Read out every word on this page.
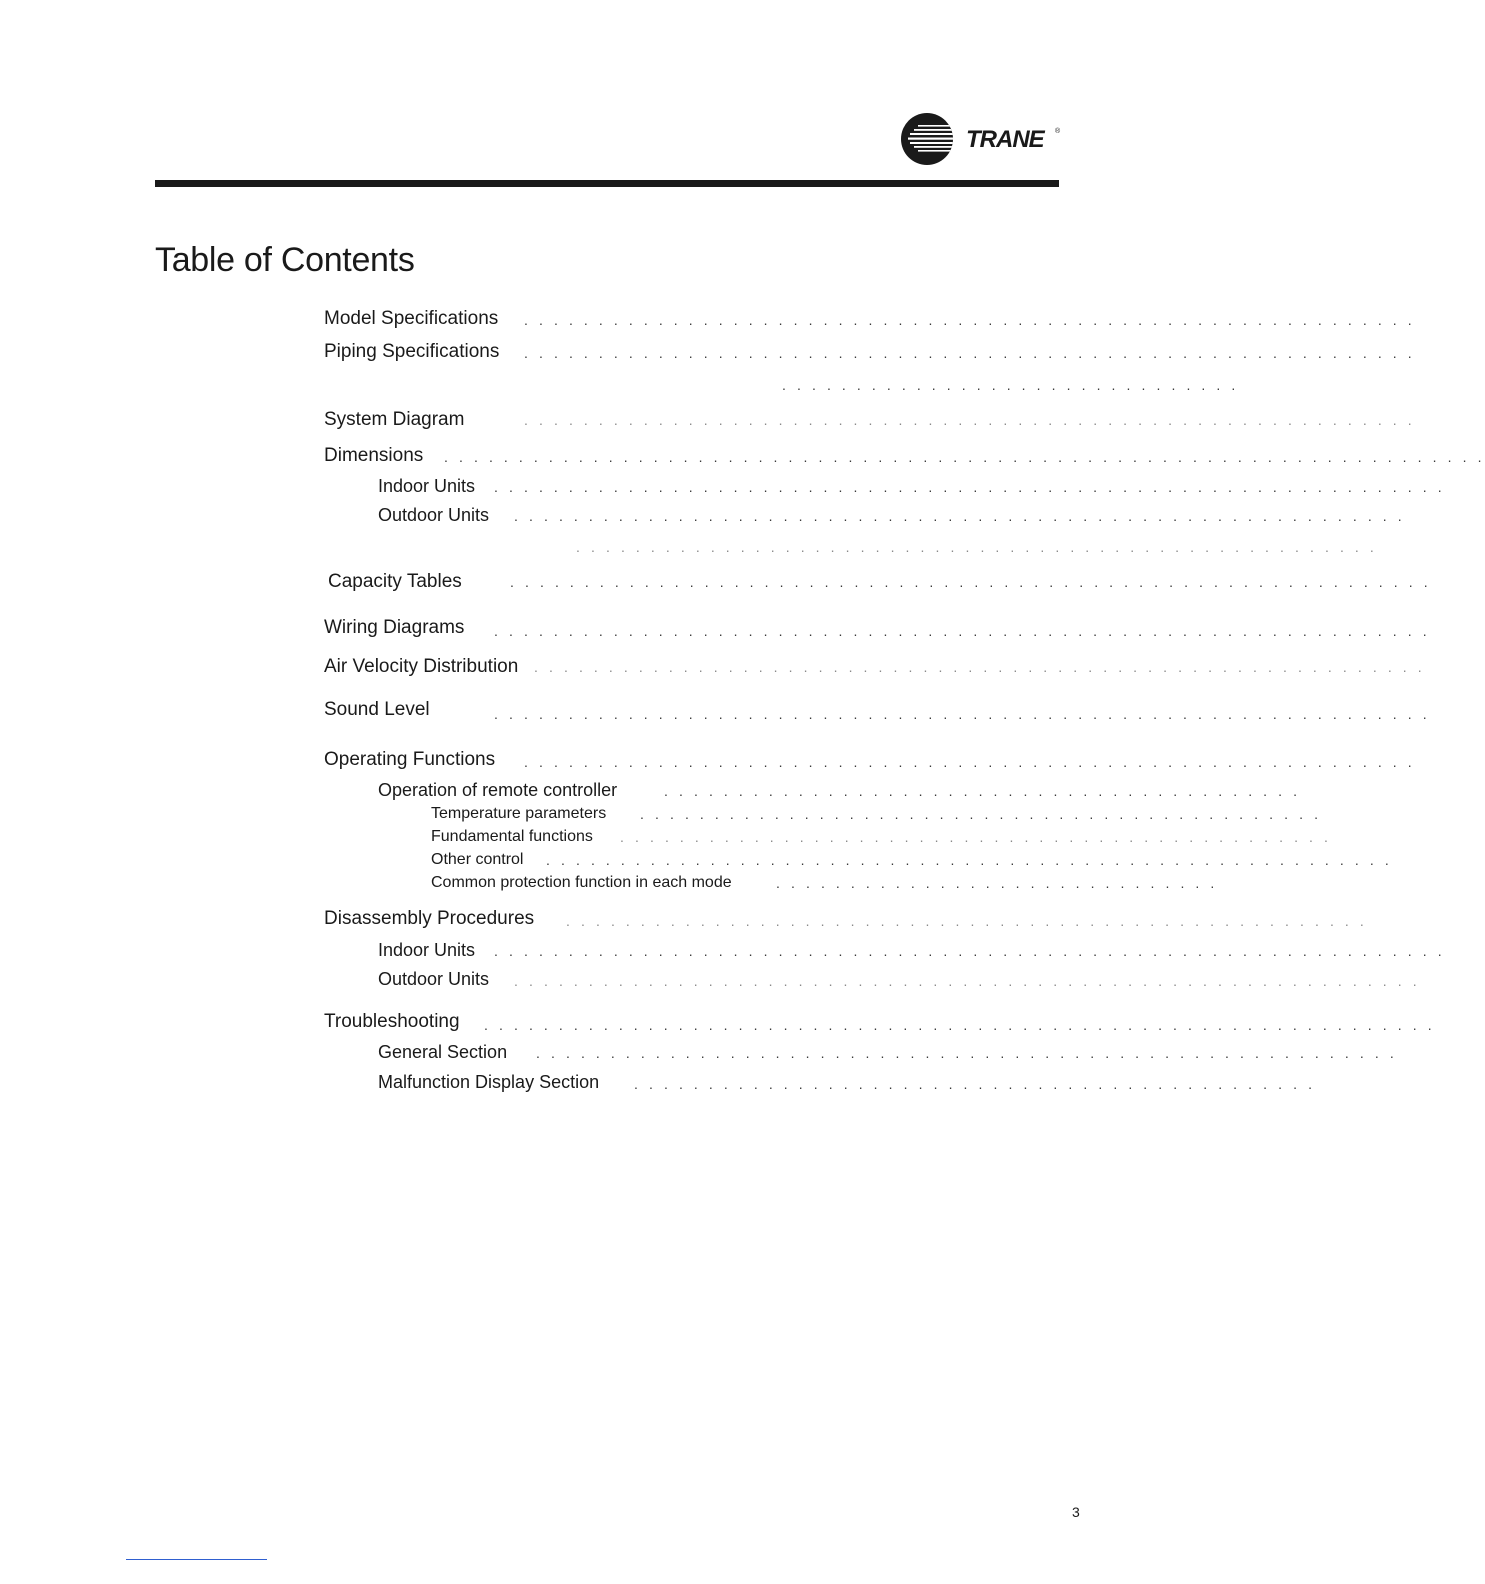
TRANE ®
Table of Contents
Model Specifications . . . . . . . . . . . . . . . . . . . . . . . . . . . . . . . . . . . . . . . . . . . . . . . . . . . . . . . . . . . .
Piping Specifications . . . . . . . . . . . . . . . . . . . . . . . . . . . . . . . . . . . . . . . . . . . . . . . . . . . . . . . . . . . .
. . . . . . . . . . . . . . . . . . . . . . . . . . . . . . .
System Diagram	. . . . . . . . . . . . . . . . . . . . . . . . . . . . . . . . . . . . . . . . . . . . . . . . . . . . . . . . . . . .
Dimensions . . . . . . . . . . . . . . . . . . . . . . . . . . . . . . . . . . . . . . . . . . . . . . . . . . . . . . . . . . . . . . . . . . . . . .
Indoor Units . . . . . . . . . . . . . . . . . . . . . . . . . . . . . . . . . . . . . . . . . . . . . . . . . . . . . . . . . . . . . . . .
Outdoor Units . . . . . . . . . . . . . . . . . . . . . . . . . . . . . . . . . . . . . . . . . . . . . . . . . . . . . . . . . . . .
. . . . . . . . . . . . . . . . . . . . . . . . . . . . . . . . . . . . . . . . . . . . . . . . . . . . . .
Capacity Tables	. . . . . . . . . . . . . . . . . . . . . . . . . . . . . . . . . . . . . . . . . . . . . . . . . . . . . . . . . . . . . .
Wiring Diagrams . . . . . . . . . . . . . . . . . . . . . . . . . . . . . . . . . . . . . . . . . . . . . . . . . . . . . . . . . . . . . . .
Air Velocity Distribution . . . . . . . . . . . . . . . . . . . . . . . . . . . . . . . . . . . . . . . . . . . . . . . . . . . . . . . . . . . .
Sound Level	. . . . . . . . . . . . . . . . . . . . . . . . . . . . . . . . . . . . . . . . . . . . . . . . . . . . . . . . . . . . . . .
Operating Functions . . . . . . . . . . . . . . . . . . . . . . . . . . . . . . . . . . . . . . . . . . . . . . . . . . . . . . . . . . . .
Operation of remote controller	. . . . . . . . . . . . . . . . . . . . . . . . . . . . . . . . . . . . . . . . . . .
Temperature parameters . . . . . . . . . . . . . . . . . . . . . . . . . . . . . . . . . . . . . . . . . . . . . .
Fundamental functions . . . . . . . . . . . . . . . . . . . . . . . . . . . . . . . . . . . . . . . . . . . . . . . .
Other control . . . . . . . . . . . . . . . . . . . . . . . . . . . . . . . . . . . . . . . . . . . . . . . . . . . . . . . . .
Common protection function in each mode	. . . . . . . . . . . . . . . . . . . . . . . . . . . . . .
Disassembly Procedures . . . . . . . . . . . . . . . . . . . . . . . . . . . . . . . . . . . . . . . . . . . . . . . . . . . . . .
Indoor Units . . . . . . . . . . . . . . . . . . . . . . . . . . . . . . . . . . . . . . . . . . . . . . . . . . . . . . . . . . . . . . . .
Outdoor Units . . . . . . . . . . . . . . . . . . . . . . . . . . . . . . . . . . . . . . . . . . . . . . . . . . . . . . . . . . . . .
Troubleshooting . . . . . . . . . . . . . . . . . . . . . . . . . . . . . . . . . . . . . . . . . . . . . . . . . . . . . . . . . . . . . . . .
General Section . . . . . . . . . . . . . . . . . . . . . . . . . . . . . . . . . . . . . . . . . . . . . . . . . . . . . . . . . .
Malfunction Display Section . . . . . . . . . . . . . . . . . . . . . . . . . . . . . . . . . . . . . . . . . . . . . .
3
